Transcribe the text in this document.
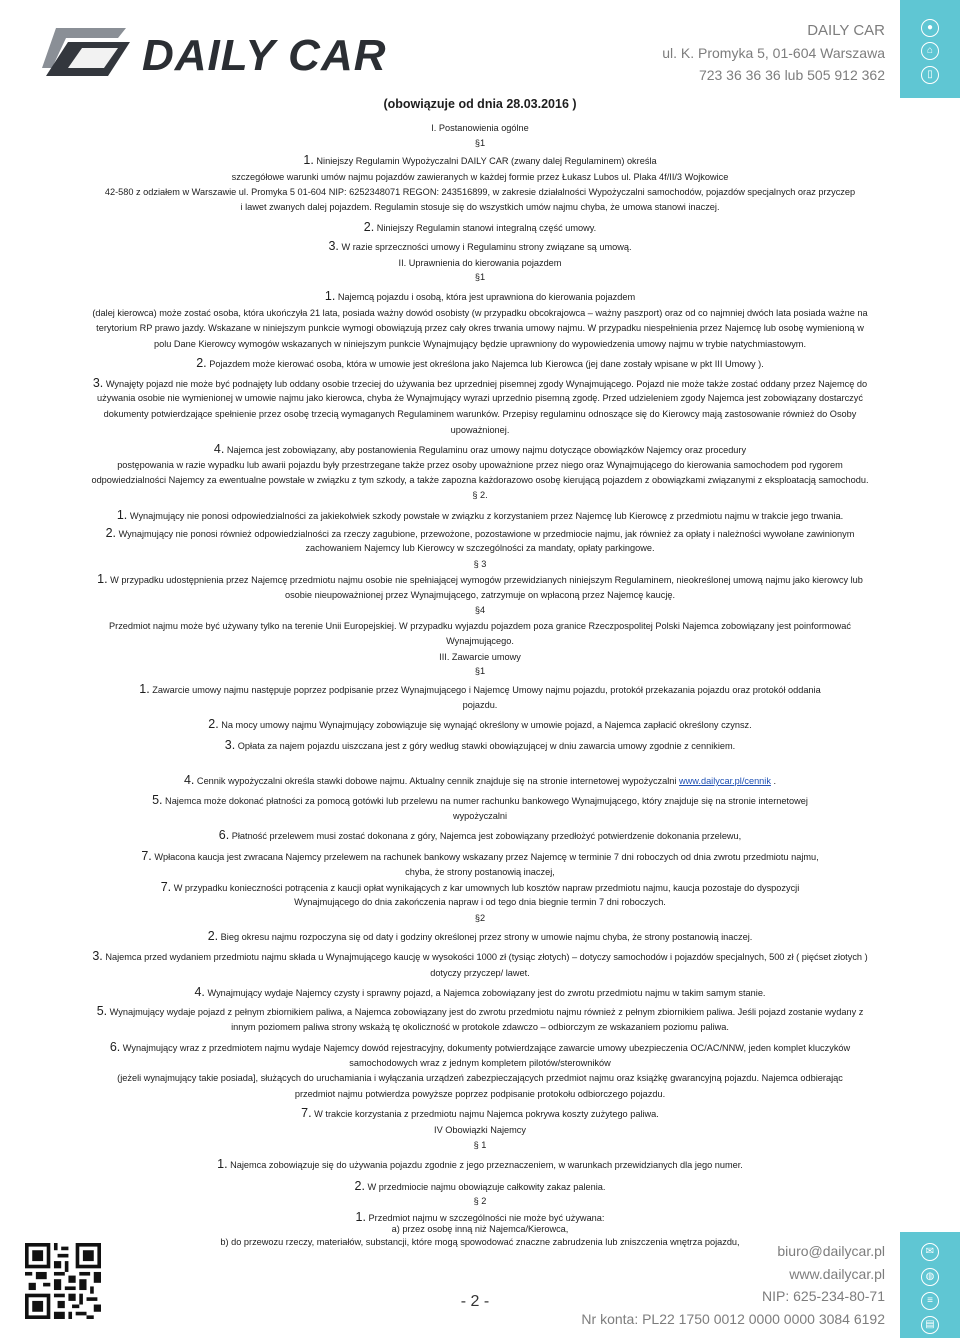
DAILY CAR
DAILY CAR
ul. K. Promyka 5, 01-604 Warszawa
723 36 36 36 lub 505 912 362
●
⌂
▯
(obowiązuje od dnia 28.03.2016 )
I. Postanowienia ogólne
§1
1. Niniejszy Regulamin Wypożyczalni DAILY CAR (zwany dalej Regulaminem) określa
szczegółowe warunki umów najmu pojazdów zawieranych w każdej formie przez Łukasz Lubos ul. Plaka 4f/II/3 Wojkowice
42-580 z odziałem w Warszawie ul. Promyka 5 01-604 NIP: 6252348071 REGON: 243516899, w zakresie działalności Wypożyczalni samochodów, pojazdów specjalnych oraz przyczep
i lawet zwanych dalej pojazdem. Regulamin stosuje się do wszystkich umów najmu chyba, że umowa stanowi inaczej.
2. Niniejszy Regulamin stanowi integralną część umowy.
3. W razie sprzeczności umowy i Regulaminu strony związane są umową.
II. Uprawnienia do kierowania pojazdem
§1
1. Najemcą pojazdu i osobą, która jest uprawniona do kierowania pojazdem
(dalej kierowca) może zostać osoba, która ukończyła 21 lata, posiada ważny dowód osobisty (w przypadku obcokrajowca – ważny paszport) oraz od co najmniej dwóch lata posiada ważne na
terytorium RP prawo jazdy. Wskazane w niniejszym punkcie wymogi obowiązują przez cały okres trwania umowy najmu. W przypadku niespełnienia przez Najemcę lub osobę wymienioną w
polu Dane Kierowcy wymogów wskazanych w niniejszym punkcie Wynajmujący będzie uprawniony do wypowiedzenia umowy najmu w trybie natychmiastowym.
2. Pojazdem może kierować osoba, która w umowie jest określona jako Najemca lub Kierowca (jej dane zostały wpisane w pkt III Umowy ).
3. Wynajęty pojazd nie może być podnajęty lub oddany osobie trzeciej do używania bez uprzedniej pisemnej zgody Wynajmującego. Pojazd nie może także zostać oddany przez Najemcę do
używania osobie nie wymienionej w umowie najmu jako kierowca, chyba że Wynajmujący wyrazi uprzednio pisemną zgodę. Przed udzieleniem zgody Najemca jest zobowiązany dostarczyć
dokumenty potwierdzające spełnienie przez osobę trzecią wymaganych Regulaminem warunków. Przepisy regulaminu odnoszące się do Kierowcy mają zastosowanie również do Osoby
upoważnionej.
4. Najemca jest zobowiązany, aby postanowienia Regulaminu oraz umowy najmu dotyczące obowiązków Najemcy oraz procedury
postępowania w razie wypadku lub awarii pojazdu były przestrzegane także przez osoby upoważnione przez niego oraz Wynajmującego do kierowania samochodem pod rygorem
odpowiedzialności Najemcy za ewentualne powstałe w związku z tym szkody, a także zapozna każdorazowo osobę kierującą pojazdem z obowiązkami związanymi z eksploatacją samochodu.
§ 2.
1. Wynajmujący nie ponosi odpowiedzialności za jakiekolwiek szkody powstałe w związku z korzystaniem przez Najemcę lub Kierowcę z przedmiotu najmu w trakcie jego trwania.
2. Wynajmujący nie ponosi również odpowiedzialności za rzeczy zagubione, przewożone, pozostawione w przedmiocie najmu, jak również za opłaty i należności wywołane zawinionym
zachowaniem Najemcy lub Kierowcy w szczególności za mandaty, opłaty parkingowe.
§ 3
1. W przypadku udostępnienia przez Najemcę przedmiotu najmu osobie nie spełniającej wymogów przewidzianych niniejszym Regulaminem, nieokreślonej umową najmu jako kierowcy lub
osobie nieupoważnionej przez Wynajmującego, zatrzymuje on wpłaconą przez Najemcę kaucję.
§4
Przedmiot najmu może być używany tylko na terenie Unii Europejskiej. W przypadku wyjazdu pojazdem poza granice Rzeczpospolitej Polski Najemca zobowiązany jest poinformować
Wynajmującego.
III. Zawarcie umowy
§1
1. Zawarcie umowy najmu następuje poprzez podpisanie przez Wynajmującego i Najemcę Umowy najmu pojazdu, protokół przekazania pojazdu oraz protokół oddania
pojazdu.
2. Na mocy umowy najmu Wynajmujący zobowiązuje się wynająć określony w umowie pojazd, a Najemca zapłacić określony czynsz.
3. Opłata za najem pojazdu uiszczana jest z góry według stawki obowiązującej w dniu zawarcia umowy zgodnie z cennikiem.
4. Cennik wypożyczalni określa stawki dobowe najmu. Aktualny cennik znajduje się na stronie internetowej wypożyczalni www.dailycar.pl/cennik .
5. Najemca może dokonać płatności za pomocą gotówki lub przelewu na numer rachunku bankowego Wynajmującego, który znajduje się na stronie internetowej
wypożyczalni
6. Płatność przelewem musi zostać dokonana z góry, Najemca jest zobowiązany przedłożyć potwierdzenie dokonania przelewu,
7. Wpłacona kaucja jest zwracana Najemcy przelewem na rachunek bankowy wskazany przez Najemcę w terminie 7 dni roboczych od dnia zwrotu przedmiotu najmu,
chyba, że strony postanowią inaczej,
7. W przypadku konieczności potrącenia z kaucji opłat wynikających z kar umownych lub kosztów napraw przedmiotu najmu, kaucja pozostaje do dyspozycji
Wynajmującego do dnia zakończenia napraw i od tego dnia biegnie termin 7 dni roboczych.
§2
2. Bieg okresu najmu rozpoczyna się od daty i godziny określonej przez strony w umowie najmu chyba, że strony postanowią inaczej.
3. Najemca przed wydaniem przedmiotu najmu składa u Wynajmującego kaucję w wysokości 1000 zł (tysiąc złotych) – dotyczy samochodów i pojazdów specjalnych, 500 zł ( pięćset złotych )
dotyczy przyczep/ lawet.
4. Wynajmujący wydaje Najemcy czysty i sprawny pojazd, a Najemca zobowiązany jest do zwrotu przedmiotu najmu w takim samym stanie.
5. Wynajmujący wydaje pojazd z pełnym zbiornikiem paliwa, a Najemca zobowiązany jest do zwrotu przedmiotu najmu również z pełnym zbiornikiem paliwa. Jeśli pojazd zostanie wydany z
innym poziomem paliwa strony wskażą tę okoliczność w protokole zdawczo – odbiorczym ze wskazaniem poziomu paliwa.
6. Wynajmujący wraz z przedmiotem najmu wydaje Najemcy dowód rejestracyjny, dokumenty potwierdzające zawarcie umowy ubezpieczenia OC/AC/NNW, jeden komplet kluczyków
samochodowych wraz z jednym kompletem pilotów/sterowników
(jeżeli wynajmujący takie posiada], służących do uruchamiania i wyłączania urządzeń zabezpieczających przedmiot najmu oraz książkę gwarancyjną pojazdu. Najemca odbierając
przedmiot najmu potwierdza powyższe poprzez podpisanie protokołu odbiorczego pojazdu.
7. W trakcie korzystania z przedmiotu najmu Najemca pokrywa koszty zużytego paliwa.
IV Obowiązki Najemcy
§ 1
1. Najemca zobowiązuje się do używania pojazdu zgodnie z jego przeznaczeniem, w warunkach przewidzianych dla jego numer.
2. W przedmiocie najmu obowiązuje całkowity zakaz palenia.
§ 2
1. Przedmiot najmu w szczególności nie może być używana:
a) przez osobę inną niż Najemca/Kierowca,
b) do przewozu rzeczy, materiałów, substancji, które mogą spowodować znaczne zabrudzenia lub zniszczenia wnętrza pojazdu,
- 2 -
biuro@dailycar.pl
www.dailycar.pl
NIP: 625-234-80-71
Nr konta: PL22 1750 0012 0000 0000 3084 6192
✉
◍
≡
▤
